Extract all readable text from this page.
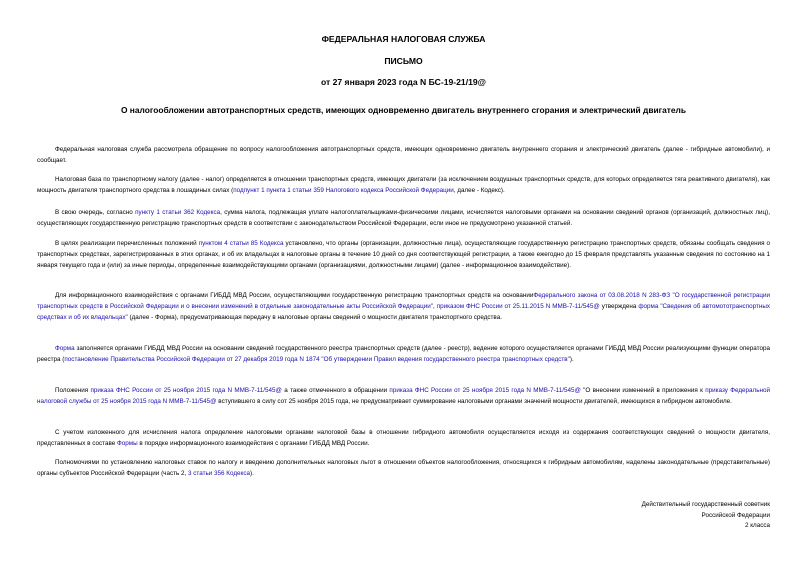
ФЕДЕРАЛЬНАЯ НАЛОГОВАЯ СЛУЖБА
ПИСЬМО
от 27 января 2023 года N БС-19-21/19@
О налогообложении автотранспортных средств, имеющих одновременно двигатель внутреннего сгорания и электрический двигатель
Федеральная налоговая служба рассмотрела обращение по вопросу налогообложения автотранспортных средств, имеющих одновременно двигатель внутреннего сгорания и электрический двигатель (далее - гибридные автомобили), и сообщает.
Налоговая база по транспортному налогу (далее - налог) определяется в отношении транспортных средств, имеющих двигатели (за исключением воздушных транспортных средств, для которых определяется тяга реактивного двигателя), как мощность двигателя транспортного средства в лошадиных силах (подпункт 1 пункта 1 статьи 359 Налогового кодекса Российской Федерации, далее - Кодекс).
В свою очередь, согласно пункту 1 статьи 362 Кодекса, сумма налога, подлежащая уплате налогоплательщиками-физическими лицами, исчисляется налоговыми органами на основании сведений органов (организаций, должностных лиц), осуществляющих государственную регистрацию транспортных средств в соответствии с законодательством Российской Федерации, если иное не предусмотрено указанной статьей.
В целях реализации перечисленных положений пунктом 4 статьи 85 Кодекса установлено, что органы (организации, должностные лица), осуществляющие государственную регистрацию транспортных средств, обязаны сообщать сведения о транспортных средствах, зарегистрированных в этих органах, и об их владельцах в налоговые органы в течение 10 дней со дня соответствующей регистрации, а также ежегодно до 15 февраля представлять указанные сведения по состоянию на 1 января текущего года и (или) за иные периоды, определенные взаимодействующими органами (организациями, должностными лицами) (далее - информационное взаимодействие).
Для информационного взаимодействия с органами ГИБДД МВД России, осуществляющими государственную регистрацию транспортных средств на основанииФедерального закона от 03.08.2018 N 283-ФЗ "О государственной регистрации транспортных средств в Российской Федерации и о внесении изменений в отдельные законодательные акты Российской Федерации", приказом ФНС России от 25.11.2015 N ММВ-7-11/545@ утверждена форма "Сведения об автомототранспортных средствах и об их владельцах" (далее - Форма), предусматривающая передачу в налоговые органы сведений о мощности двигателя транспортного средства.
Форма заполняется органами ГИБДД МВД России на основании сведений государственного реестра транспортных средств (далее - реестр), ведение которого осуществляется органами ГИБДД МВД России реализующими функции оператора реестра (постановление Правительства Российской Федерации от 27 декабря 2019 года N 1874 "Об утверждении Правил ведения государственного реестра транспортных средств").
Положения приказа ФНС России от 25 ноября 2015 года N ММВ-7-11/545@ а также отмеченного в обращении приказа ФНС России от 25 ноября 2015 года N ММВ-7-11/545@ "О внесении изменений в приложения к приказу Федеральной налоговой службы от 25 ноября 2015 года N ММВ-7-11/545@ вступившего в силу сот 25 ноября 2015 года, не предусматривает суммирование налоговыми органами значений мощности двигателей, имеющихся в гибридном автомобиле.
С учетом изложенного для исчисления налога определение налоговыми органами налоговой базы в отношении гибридного автомобиля осуществляется исходя из содержания соответствующих сведений о мощности двигателя, представленных в составе Формы в порядке информационного взаимодействия с органами ГИБДД МВД России.
Полномочиями по установлению налоговых ставок по налогу и введению дополнительных налоговых льгот в отношении объектов налогообложения, относящихся к гибридным автомобилям, наделены законодательные (представительные) органы субъектов Российской Федерации (часть 2, 3 статьи 356 Кодекса).
Действительный государственный советник
Российской Федерации
2 класса
